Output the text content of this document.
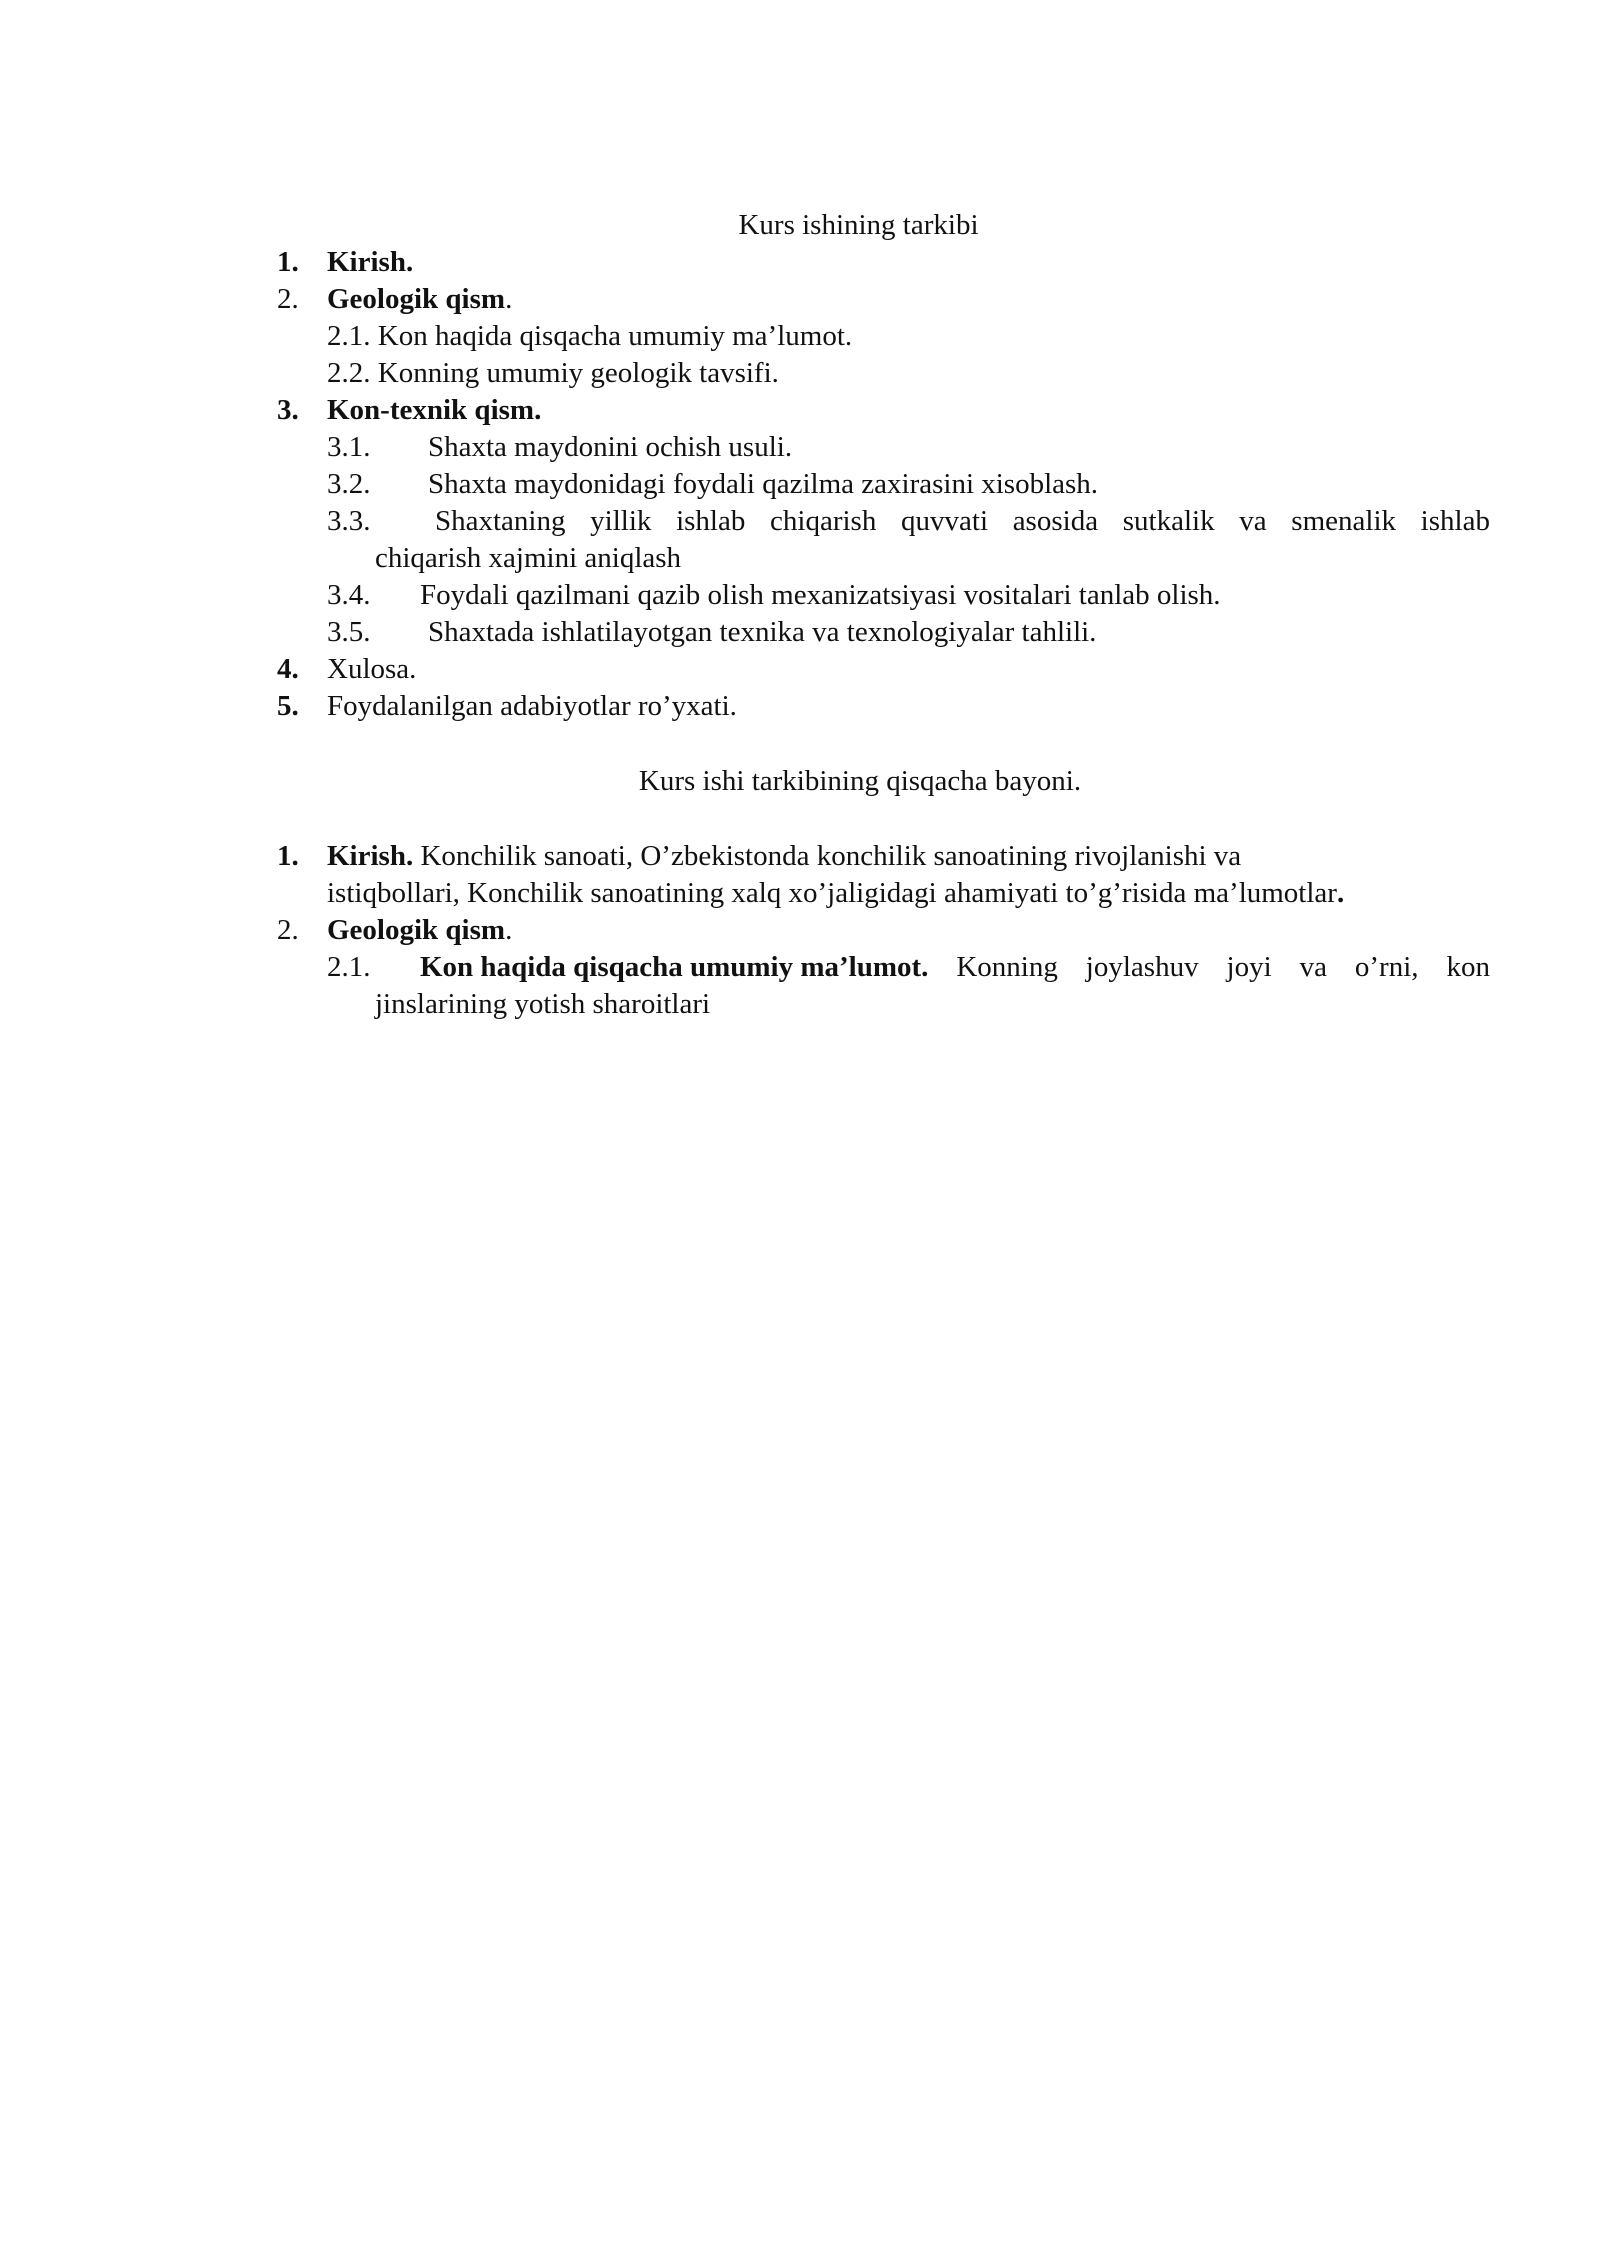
Kurs ishining tarkibi
1. Kirish.
2. Geologik qism.
2.1. Kon haqida qisqacha umumiy ma’lumot.
2.2. Konning umumiy geologik tavsifi.
3. Kon-texnik qism.
3.1. Shaxta maydonini ochish usuli.
3.2. Shaxta maydonidagi foydali qazilma zaxirasini xisoblash.
3.3. Shaxtaning yillik ishlab chiqarish quvvati asosida sutkalik va smenalik ishlab
chiqarish xajmini aniqlash
3.4. Foydali qazilmani qazib olish mexanizatsiyasi vositalari tanlab olish.
3.5. Shaxtada ishlatilayotgan texnika va texnologiyalar tahlili.
4. Xulosa.
5. Foydalanilgan adabiyotlar ro’yxati.
Kurs ishi tarkibining qisqacha bayoni.
1. Kirish. Konchilik sanoati, O’zbekistonda konchilik sanoatining rivojlanishi va
istiqbollari, Konchilik sanoatining xalq xo’jaligidagi ahamiyati to’g’risida ma’lumotlar.
2. Geologik qism.
2.1. Kon haqida qisqacha umumiy ma’lumot. Konning joylashuv joyi va o’rni, kon
jinslarining yotish sharoitlari
